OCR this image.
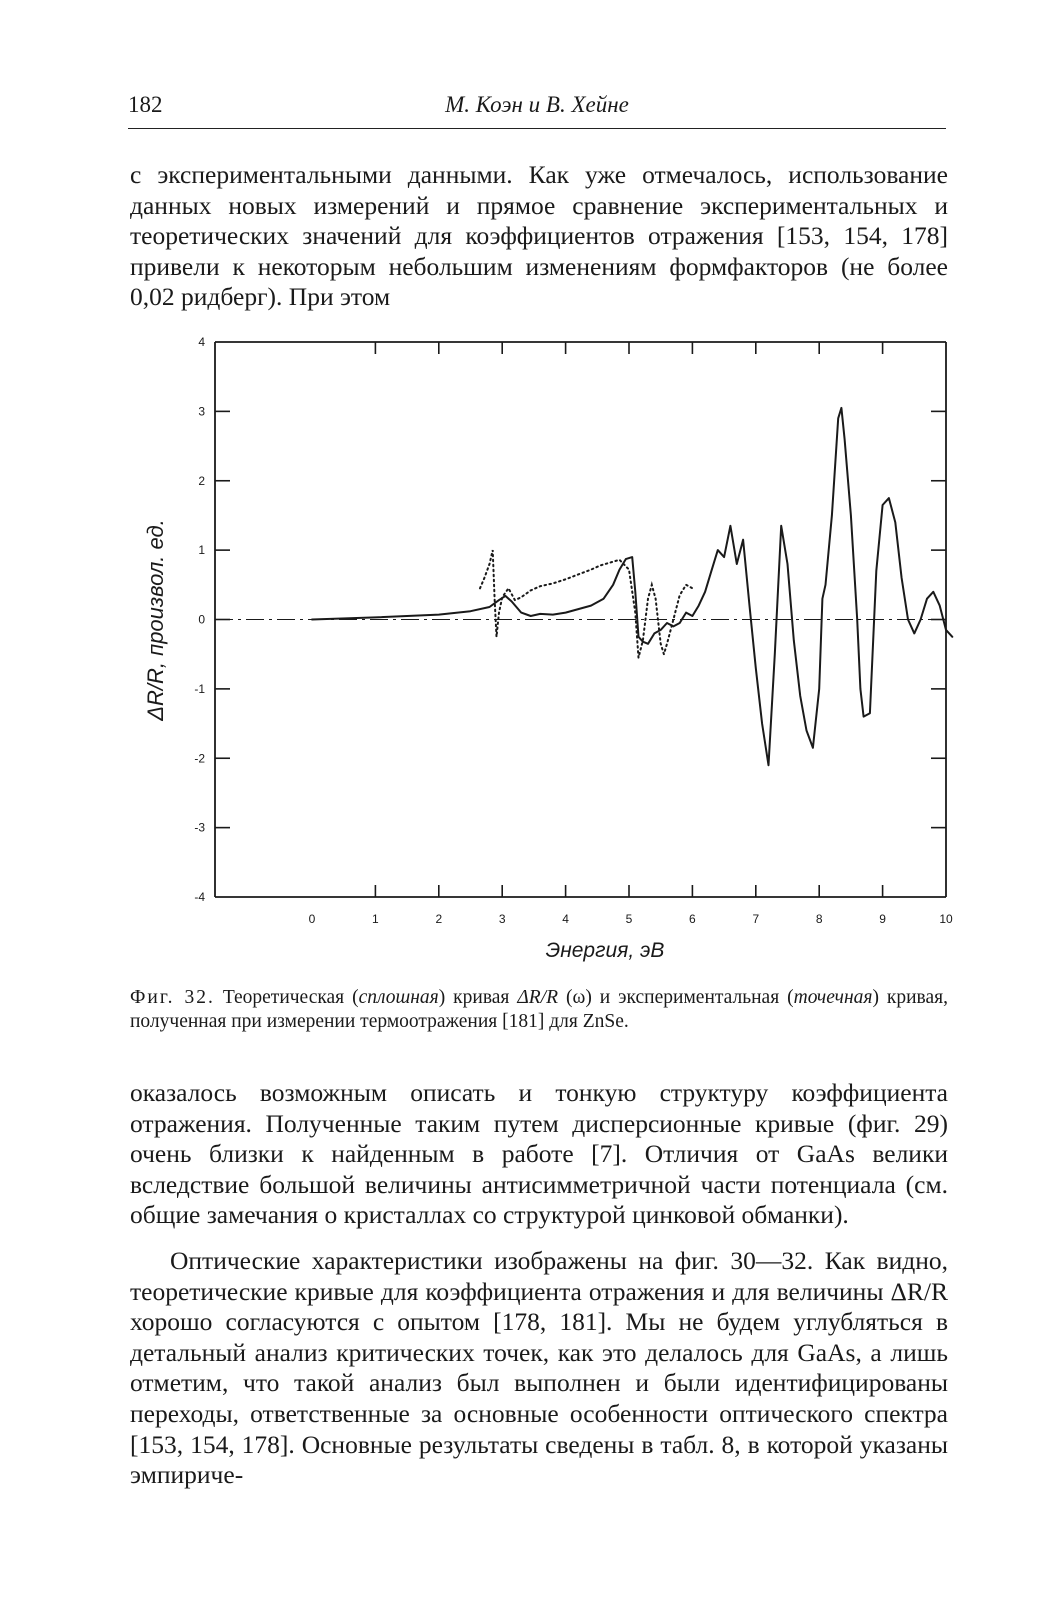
182	М. Коэн и В. Хейне

с экспериментальными данными. Как уже отмечалось, использование данных новых измерений и прямое сравнение экспериментальных и теоретических значений для коэффициентов отражения [153, 154, 178] привели к некоторым небольшим изменениям формфакторов (не более 0,02 ридберг). При этом

0	1	2	3	4	5	6	7	8	9	10
4
3
2
1
0
-1
-2
-3
-4
ΔR/R, произвол. ед.
Энергия, эВ

Фиг. 32. Теоретическая (сплошная) кривая ΔR/R (ω) и экспериментальная (точечная) кривая, полученная при измерении термоотражения [181] для ZnSe.

оказалось возможным описать и тонкую структуру коэффициента отражения. Полученные таким путем дисперсионные кривые (фиг. 29) очень близки к найденным в работе [7]. Отличия от GaAs велики вследствие большой величины антисимметричной части потенциала (см. общие замечания о кристаллах со структурой цинковой обманки).

Оптические характеристики изображены на фиг. 30—32. Как видно, теоретические кривые для коэффициента отражения и для величины ΔR/R хорошо согласуются с опытом [178, 181]. Мы не будем углубляться в детальный анализ критических точек, как это делалось для GaAs, а лишь отметим, что такой анализ был выполнен и были идентифицированы переходы, ответственные за основные особенности оптического спектра [153, 154, 178]. Основные результаты сведены в табл. 8, в которой указаны эмпириче-
